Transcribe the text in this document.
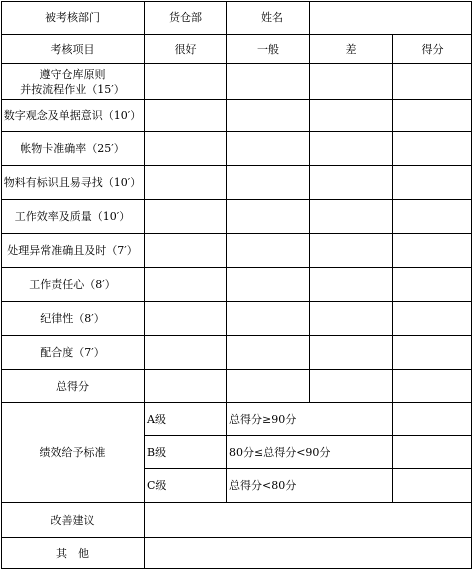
被考核部门	货仓部	姓名
考核项目	很好	一般	差	得分
遵守仓库原则
并按流程作业（15′）
数字观念及单据意识（10′）
帐物卡准确率（25′）
物料有标识且易寻找（10′）
工作效率及质量（10′）
处理异常准确且及时（7′）
工作责任心（8′）
纪律性（8′）
配合度（7′）
总得分
绩效给予标准
A级	总得分≥90分
B级	80分≤总得分<90分
C级	总得分<80分
改善建议
其　他
